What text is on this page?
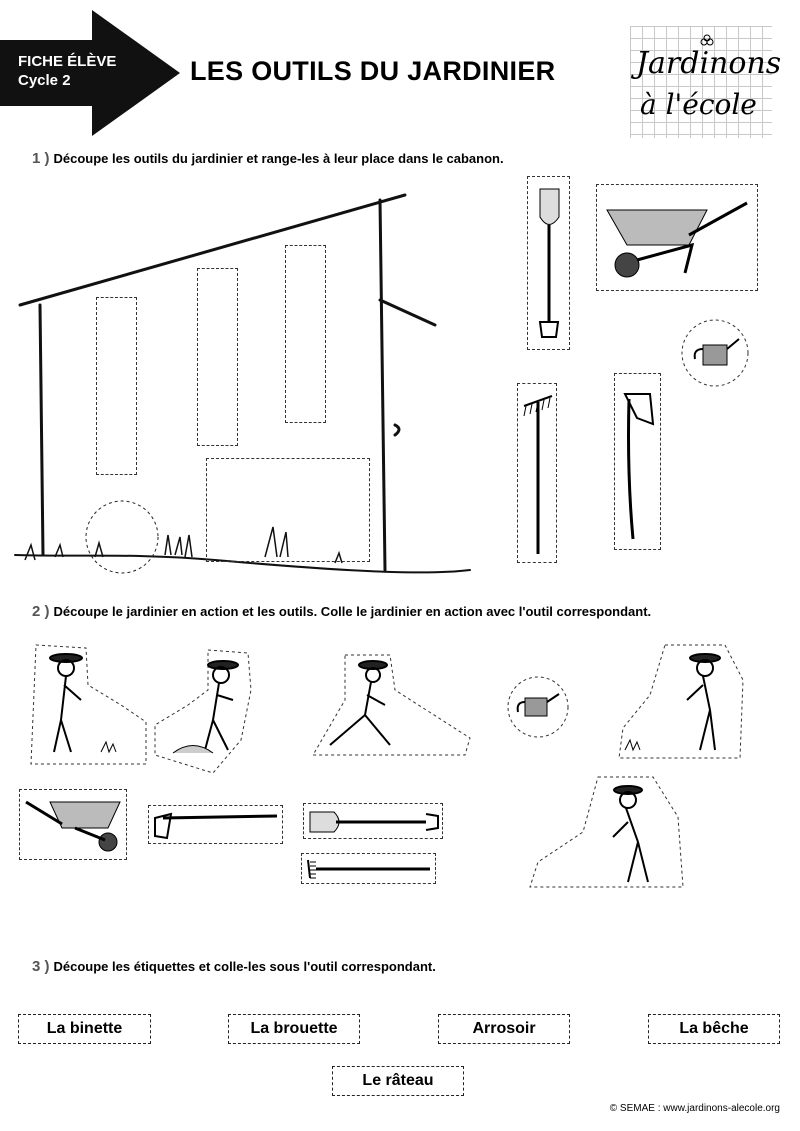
FICHE ÉLÈVE
Cycle 2	LES OUTILS DU JARDINIER	Jardinons
à l'école
1 ) Découpe les outils du jardinier et range-les à leur place dans le cabanon.
2 ) Découpe le jardinier en action et les outils. Colle le jardinier en action avec l'outil correspondant.
3 ) Découpe les étiquettes et colle-les sous l'outil correspondant.
La binette	La brouette	Arrosoir	La bêche
Le râteau
© SEMAE : www.jardinons-alecole.org
